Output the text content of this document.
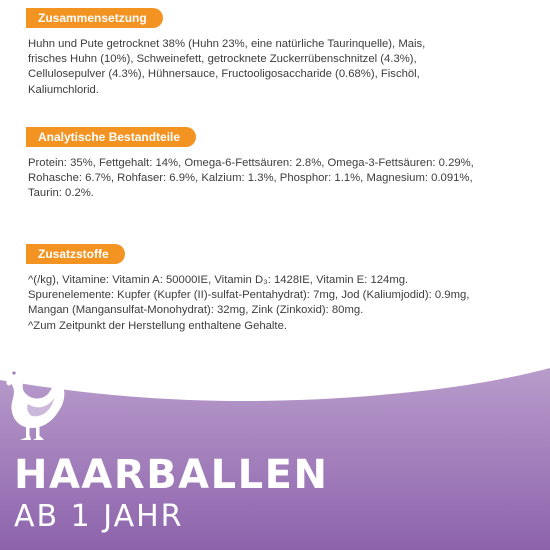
Zusammensetzung
Huhn und Pute getrocknet 38% (Huhn 23%, eine natürliche Taurinquelle), Mais,
frisches Huhn (10%), Schweinefett, getrocknete Zuckerrübenschnitzel (4.3%),
Cellulosepulver (4.3%), Hühnersauce, Fructooligosaccharide (0.68%), Fischöl,
Kaliumchlorid.
Analytische Bestandteile
Protein: 35%, Fettgehalt: 14%, Omega-6-Fettsäuren: 2.8%, Omega-3-Fettsäuren: 0.29%,
Rohasche: 6.7%, Rohfaser: 6.9%, Kalzium: 1.3%, Phosphor: 1.1%, Magnesium: 0.091%,
Taurin: 0.2%.
Zusatzstoffe
^(/kg), Vitamine: Vitamin A: 50000IE, Vitamin D₃: 1428IE, Vitamin E: 124mg.
Spurenelemente: Kupfer (Kupfer (II)-sulfat-Pentahydrat): 7mg, Jod (Kaliumjodid): 0.9mg,
Mangan (Mangansulfat-Monohydrat): 32mg, Zink (Zinkoxid): 80mg.
^Zum Zeitpunkt der Herstellung enthaltene Gehalte.
HAARBALLEN
AB 1 JAHR
